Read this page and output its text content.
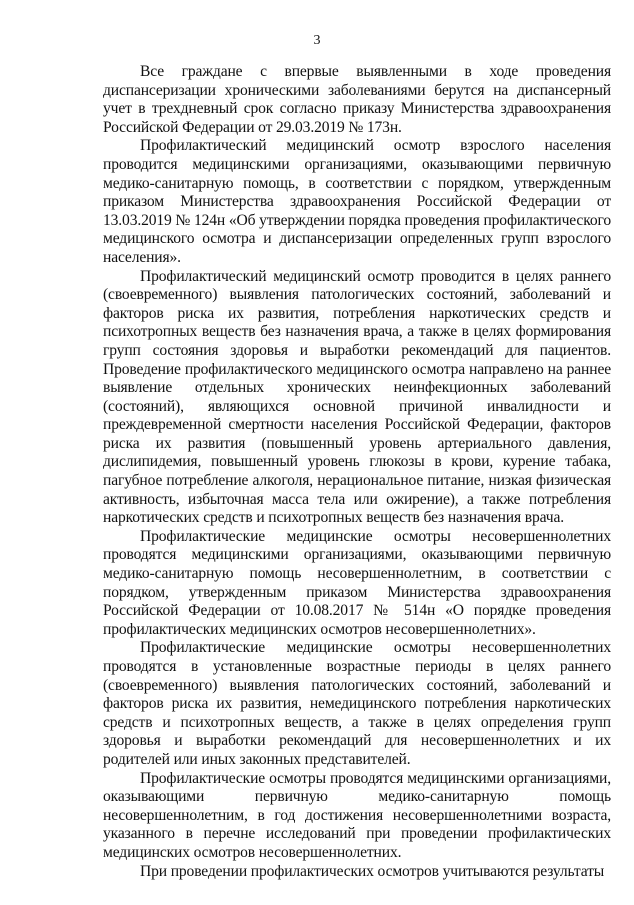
3

Все граждане с впервые выявленными в ходе проведения диспансеризации хроническими заболеваниями берутся на диспансерный учет в трехдневный срок согласно приказу Министерства здравоохранения Российской Федерации от 29.03.2019 № 173н.

Профилактический медицинский осмотр взрослого населения проводится медицинскими организациями, оказывающими первичную медико-санитарную помощь, в соответствии с порядком, утвержденным приказом Министерства здравоохранения Российской Федерации от 13.03.2019 № 124н «Об утверждении порядка проведения профилактического медицинского осмотра и диспансеризации определенных групп взрослого населения».

Профилактический медицинский осмотр проводится в целях раннего (своевременного) выявления патологических состояний, заболеваний и факторов риска их развития, потребления наркотических средств и психотропных веществ без назначения врача, а также в целях формирования групп состояния здоровья и выработки рекомендаций для пациентов. Проведение профилактического медицинского осмотра направлено на раннее выявление отдельных хронических неинфекционных заболеваний (состояний), являющихся основной причиной инвалидности и преждевременной смертности населения Российской Федерации, факторов риска их развития (повышенный уровень артериального давления, дислипидемия, повышенный уровень глюкозы в крови, курение табака, пагубное потребление алкоголя, нерациональное питание, низкая физическая активность, избыточная масса тела или ожирение), а также потребления наркотических средств и психотропных веществ без назначения врача.

Профилактические медицинские осмотры несовершеннолетних проводятся медицинскими организациями, оказывающими первичную медико-санитарную помощь несовершеннолетним, в соответствии с порядком, утвержденным приказом Министерства здравоохранения Российской Федерации от 10.08.2017 № 514н «О порядке проведения профилактических медицинских осмотров несовершеннолетних».

Профилактические медицинские осмотры несовершеннолетних проводятся в установленные возрастные периоды в целях раннего (своевременного) выявления патологических состояний, заболеваний и факторов риска их развития, немедицинского потребления наркотических средств и психотропных веществ, а также в целях определения групп здоровья и выработки рекомендаций для несовершеннолетних и их родителей или иных законных представителей.

Профилактические осмотры проводятся медицинскими организациями, оказывающими первичную медико-санитарную помощь несовершеннолетним, в год достижения несовершеннолетними возраста, указанного в перечне исследований при проведении профилактических медицинских осмотров несовершеннолетних.

При проведении профилактических осмотров учитываются результаты
